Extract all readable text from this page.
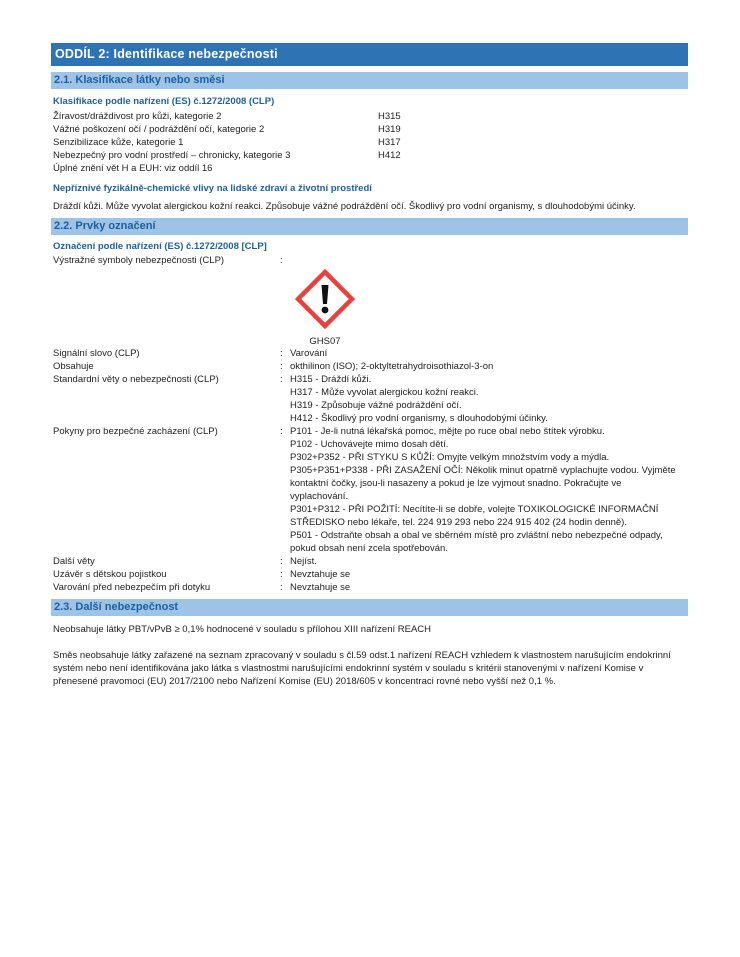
ODDÍL 2: Identifikace nebezpečnosti
2.1. Klasifikace látky nebo směsi
Klasifikace podle nařízení (ES) č.1272/2008 (CLP)
Žíravost/dráždivost pro kůži, kategorie 2	H315
Vážné poškození očí / podráždění očí, kategorie 2	H319
Senzibilizace kůže, kategorie 1	H317
Nebezpečný pro vodní prostředí – chronicky, kategorie 3	H412
Úplné znění vět H a EUH: viz oddíl 16
Nepříznivé fyzikálně-chemické vlivy na lidské zdraví a životní prostředí
Dráždí kůži. Může vyvolat alergickou kožní reakci. Způsobuje vážné podráždění očí. Škodlivý pro vodní organismy, s dlouhodobými účinky.
2.2. Prvky označení
Označení podle nařízení (ES) č.1272/2008 [CLP]
Výstražné symboly nebezpečnosti (CLP)	:
GHS07
Signální slovo (CLP)	: Varování
Obsahuje	: okthilinon (ISO); 2-oktyltetrahydroisothiazol-3-on
Standardní věty o nebezpečnosti (CLP)	: H315 - Dráždí kůži.
H317 - Může vyvolat alergickou kožní reakci.
H319 - Způsobuje vážné podráždění očí.
H412 - Škodlivý pro vodní organismy, s dlouhodobými účinky.
Pokyny pro bezpečné zacházení (CLP)	: P101 - Je-li nutná lékařská pomoc, mějte po ruce obal nebo štítek výrobku.
P102 - Uchovávejte mimo dosah dětí.
P302+P352 - PŘI STYKU S KŮŽÍ: Omyjte velkým množstvím vody a mýdla.
P305+P351+P338 - PŘI ZASAŽENÍ OČÍ: Několik minut opatrně vyplachujte vodou. Vyjměte kontaktní čočky, jsou-li nasazeny a pokud je lze vyjmout snadno. Pokračujte ve vyplachování.
P301+P312 - PŘI POŽITÍ: Necítíte-li se dobře, volejte TOXIKOLOGICKÉ INFORMAČNÍ STŘEDISKO nebo lékaře, tel. 224 919 293 nebo 224 915 402 (24 hodin denně).
P501 - Odstraňte obsah a obal ve sběrném místě pro zvláštní nebo nebezpečné odpady, pokud obsah není zcela spotřebován.
Další věty	: Nejíst.
Uzávěr s dětskou pojistkou	: Nevztahuje se
Varování před nebezpečím při dotyku	: Nevztahuje se
2.3. Další nebezpečnost
Neobsahuje látky PBT/vPvB ≥ 0,1% hodnocené v souladu s přílohou XIII nařízení REACH
Směs neobsahuje látky zařazené na seznam zpracovaný v souladu s čl.59 odst.1 nařízení REACH vzhledem k vlastnostem narušujícím endokrinní systém nebo není identifikována jako látka s vlastnostmi narušujícími endokrinní systém v souladu s kritérii stanovenými v nařízení Komise v přenesené pravomoci (EU) 2017/2100 nebo Nařízení Komise (EU) 2018/605 v koncentraci rovné nebo vyšší než 0,1 %.
